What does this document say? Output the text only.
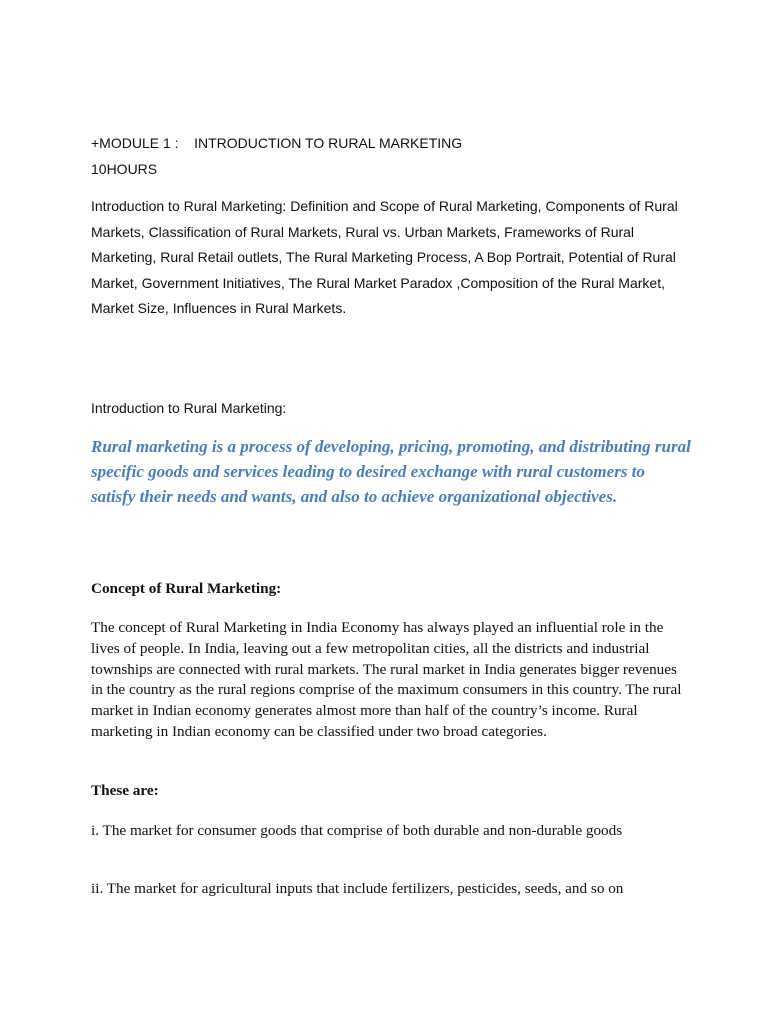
+MODULE 1 :    INTRODUCTION TO RURAL MARKETING

10HOURS

Introduction to Rural Marketing: Definition and Scope of Rural Marketing, Components of Rural Markets, Classification of Rural Markets, Rural vs. Urban Markets, Frameworks of Rural Marketing, Rural Retail outlets, The Rural Marketing Process, A Bop Portrait, Potential of Rural Market, Government Initiatives, The Rural Market Paradox ,Composition of the Rural Market, Market Size, Influences in Rural Markets.

Introduction to Rural Marketing:

Rural marketing is a process of developing, pricing, promoting, and distributing rural specific goods and services leading to desired exchange with rural customers to satisfy their needs and wants, and also to achieve organizational objectives.

Concept of Rural Marketing:

The concept of Rural Marketing in India Economy has always played an influential role in the lives of people. In India, leaving out a few metropolitan cities, all the districts and industrial townships are connected with rural markets. The rural market in India generates bigger revenues in the country as the rural regions comprise of the maximum consumers in this country. The rural market in Indian economy generates almost more than half of the country’s income. Rural marketing in Indian economy can be classified under two broad categories.

These are:

i. The market for consumer goods that comprise of both durable and non-durable goods

ii. The market for agricultural inputs that include fertilizers, pesticides, seeds, and so on
